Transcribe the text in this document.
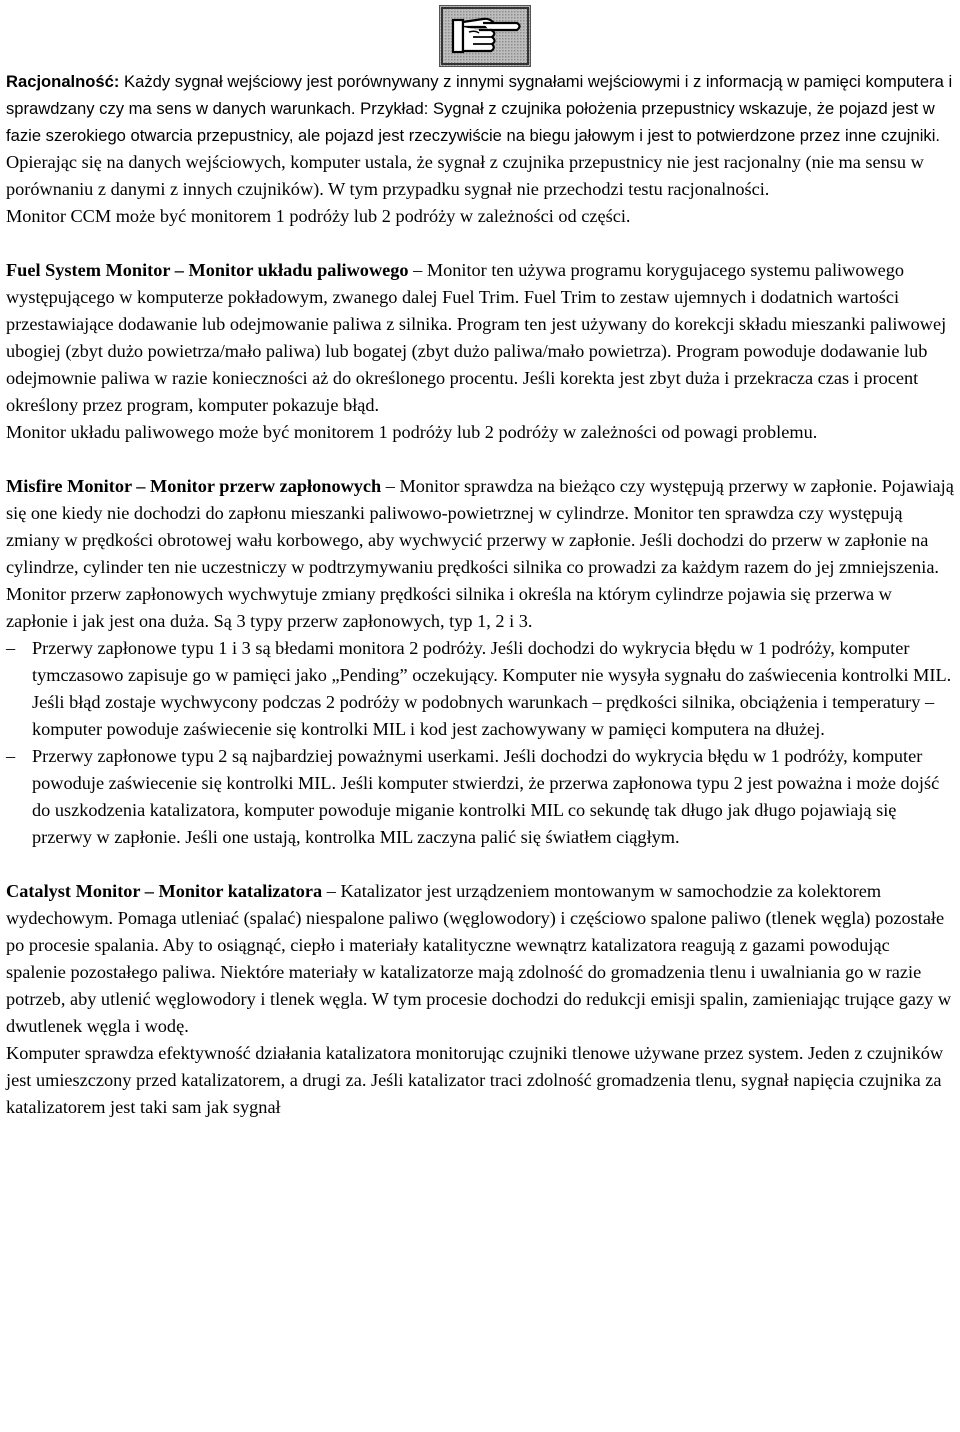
Racjonalność: Każdy sygnał wejściowy jest porównywany z innymi sygnałami wejściowymi i z informacją w pamięci komputera i sprawdzany czy ma sens w danych warunkach. Przykład: Sygnał z czujnika położenia przepustnicy wskazuje, że pojazd jest w fazie szerokiego otwarcia przepustnicy, ale pojazd jest rzeczywiście na biegu jałowym i jest to potwierdzone przez inne czujniki. Opierając się na danych wejściowych, komputer ustala, że sygnał z czujnika przepustnicy nie jest racjonalny (nie ma sensu w porównaniu z danymi z innych czujników). W tym przypadku sygnał nie przechodzi testu racjonalności.

Monitor CCM może być monitorem 1 podróży lub 2 podróży w zależności od części.

Fuel System Monitor – Monitor układu paliwowego – Monitor ten używa programu korygujacego systemu paliwowego występującego w komputerze pokładowym, zwanego dalej Fuel Trim. Fuel Trim to zestaw ujemnych i dodatnich wartości przestawiające dodawanie lub odejmowanie paliwa z silnika. Program ten jest używany do korekcji składu mieszanki paliwowej ubogiej (zbyt dużo powietrza/mało paliwa) lub bogatej (zbyt dużo paliwa/mało powietrza). Program powoduje dodawanie lub odejmownie paliwa w razie konieczności aż do określonego procentu. Jeśli korekta jest zbyt duża i przekracza czas i procent określony przez program, komputer pokazuje błąd.

Monitor układu paliwowego może być monitorem 1 podróży lub 2 podróży w zależności od powagi problemu.

Misfire Monitor – Monitor przerw zapłonowych – Monitor sprawdza na bieżąco czy występują przerwy w zapłonie. Pojawiają się one kiedy nie dochodzi do zapłonu mieszanki paliwowo-powietrznej w cylindrze. Monitor ten sprawdza czy występują zmiany w prędkości obrotowej wału korbowego, aby wychwycić przerwy w zapłonie. Jeśli dochodzi do przerw w zapłonie na cylindrze, cylinder ten nie uczestniczy w podtrzymywaniu prędkości silnika co prowadzi za każdym razem do jej zmniejszenia. Monitor przerw zapłonowych wychwytuje zmiany prędkości silnika i określa na którym cylindrze pojawia się przerwa w zapłonie i jak jest ona duża. Są 3 typy przerw zapłonowych, typ 1, 2 i 3.

– Przerwy zapłonowe typu 1 i 3 są błedami monitora 2 podróży. Jeśli dochodzi do wykrycia błędu w 1 podróży, komputer tymczasowo zapisuje go w pamięci jako „Pending” oczekujący. Komputer nie wysyła sygnału do zaświecenia kontrolki MIL. Jeśli błąd zostaje wychwycony podczas 2 podróży w podobnych warunkach – prędkości silnika, obciążenia i temperatury – komputer powoduje zaświecenie się kontrolki MIL i kod jest zachowywany w pamięci komputera na dłużej.

– Przerwy zapłonowe typu 2 są najbardziej poważnymi userkami. Jeśli dochodzi do wykrycia błędu w 1 podróży, komputer powoduje zaświecenie się kontrolki MIL. Jeśli komputer stwierdzi, że przerwa zapłonowa typu 2 jest poważna i może dojść do uszkodzenia katalizatora, komputer powoduje miganie kontrolki MIL co sekundę tak długo jak długo pojawiają się przerwy w zapłonie. Jeśli one ustają, kontrolka MIL zaczyna palić się światłem ciągłym.

Catalyst Monitor – Monitor katalizatora – Katalizator jest urządzeniem montowanym w samochodzie za kolektorem wydechowym. Pomaga utleniać (spalać) niespalone paliwo (węglowodory) i częściowo spalone paliwo (tlenek węgla) pozostałe po procesie spalania. Aby to osiągnąć, ciepło i materiały katalityczne wewnątrz katalizatora reagują z gazami powodując spalenie pozostałego paliwa. Niektóre materiały w katalizatorze mają zdolność do gromadzenia tlenu i uwalniania go w razie potrzeb, aby utlenić węglowodory i tlenek węgla. W tym procesie dochodzi do redukcji emisji spalin, zamieniając trujące gazy w dwutlenek węgla i wodę.

Komputer sprawdza efektywność działania katalizatora monitorując czujniki tlenowe używane przez system. Jeden z czujników jest umieszczony przed katalizatorem, a drugi za. Jeśli katalizator traci zdolność gromadzenia tlenu, sygnał napięcia czujnika za katalizatorem jest taki sam jak sygnał
